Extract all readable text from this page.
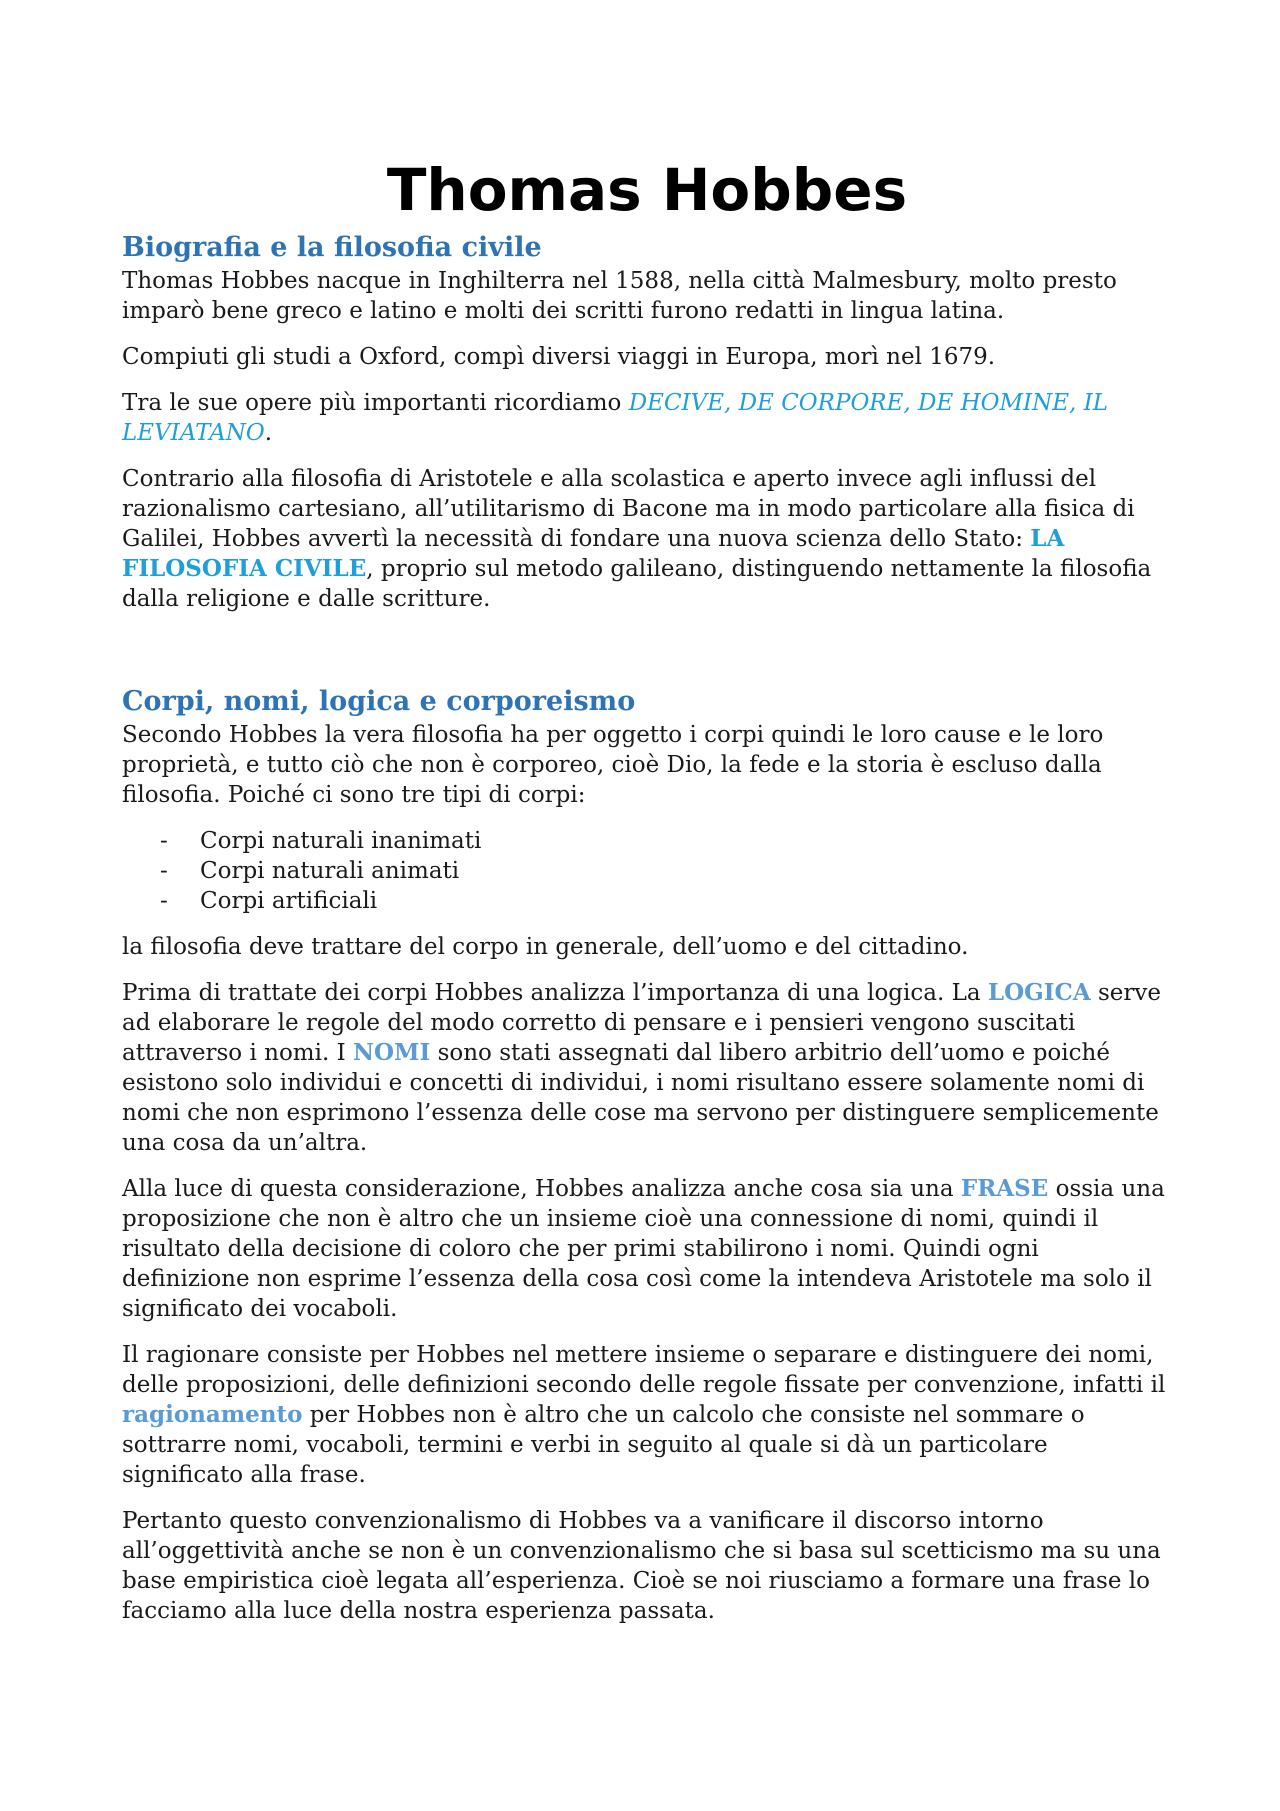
Thomas Hobbes
Biografia e la filosofia civile

Thomas Hobbes nacque in Inghilterra nel 1588, nella città Malmesbury, molto presto imparò bene greco e latino e molti dei scritti furono redatti in lingua latina.

Compiuti gli studi a Oxford, compì diversi viaggi in Europa, morì nel 1679.

Tra le sue opere più importanti ricordiamo DECIVE, DE CORPORE, DE HOMINE, IL LEVIATANO.

Contrario alla filosofia di Aristotele e alla scolastica e aperto invece agli influssi del razionalismo cartesiano, all’utilitarismo di Bacone ma in modo particolare alla fisica di Galilei, Hobbes avvertì la necessità di fondare una nuova scienza dello Stato: LA FILOSOFIA CIVILE, proprio sul metodo galileano, distinguendo nettamente la filosofia dalla religione e dalle scritture.

Corpi, nomi, logica e corporeismo

Secondo Hobbes la vera filosofia ha per oggetto i corpi quindi le loro cause e le loro proprietà, e tutto ciò che non è corporeo, cioè Dio, la fede e la storia è escluso dalla filosofia. Poiché ci sono tre tipi di corpi:

- Corpi naturali inanimati
- Corpi naturali animati
- Corpi artificiali

la filosofia deve trattare del corpo in generale, dell’uomo e del cittadino.

Prima di trattate dei corpi Hobbes analizza l’importanza di una logica. La LOGICA serve ad elaborare le regole del modo corretto di pensare e i pensieri vengono suscitati attraverso i nomi. I NOMI sono stati assegnati dal libero arbitrio dell’uomo e poiché esistono solo individui e concetti di individui, i nomi risultano essere solamente nomi di nomi che non esprimono l’essenza delle cose ma servono per distinguere semplicemente una cosa da un’altra.

Alla luce di questa considerazione, Hobbes analizza anche cosa sia una FRASE ossia una proposizione che non è altro che un insieme cioè una connessione di nomi, quindi il risultato della decisione di coloro che per primi stabilirono i nomi. Quindi ogni definizione non esprime l’essenza della cosa così come la intendeva Aristotele ma solo il significato dei vocaboli.

Il ragionare consiste per Hobbes nel mettere insieme o separare e distinguere dei nomi, delle proposizioni, delle definizioni secondo delle regole fissate per convenzione, infatti il ragionamento per Hobbes non è altro che un calcolo che consiste nel sommare o sottrarre nomi, vocaboli, termini e verbi in seguito al quale si dà un particolare significato alla frase.

Pertanto questo convenzionalismo di Hobbes va a vanificare il discorso intorno all’oggettività anche se non è un convenzionalismo che si basa sul scetticismo ma su una base empiristica cioè legata all’esperienza. Cioè se noi riusciamo a formare una frase lo facciamo alla luce della nostra esperienza passata.
